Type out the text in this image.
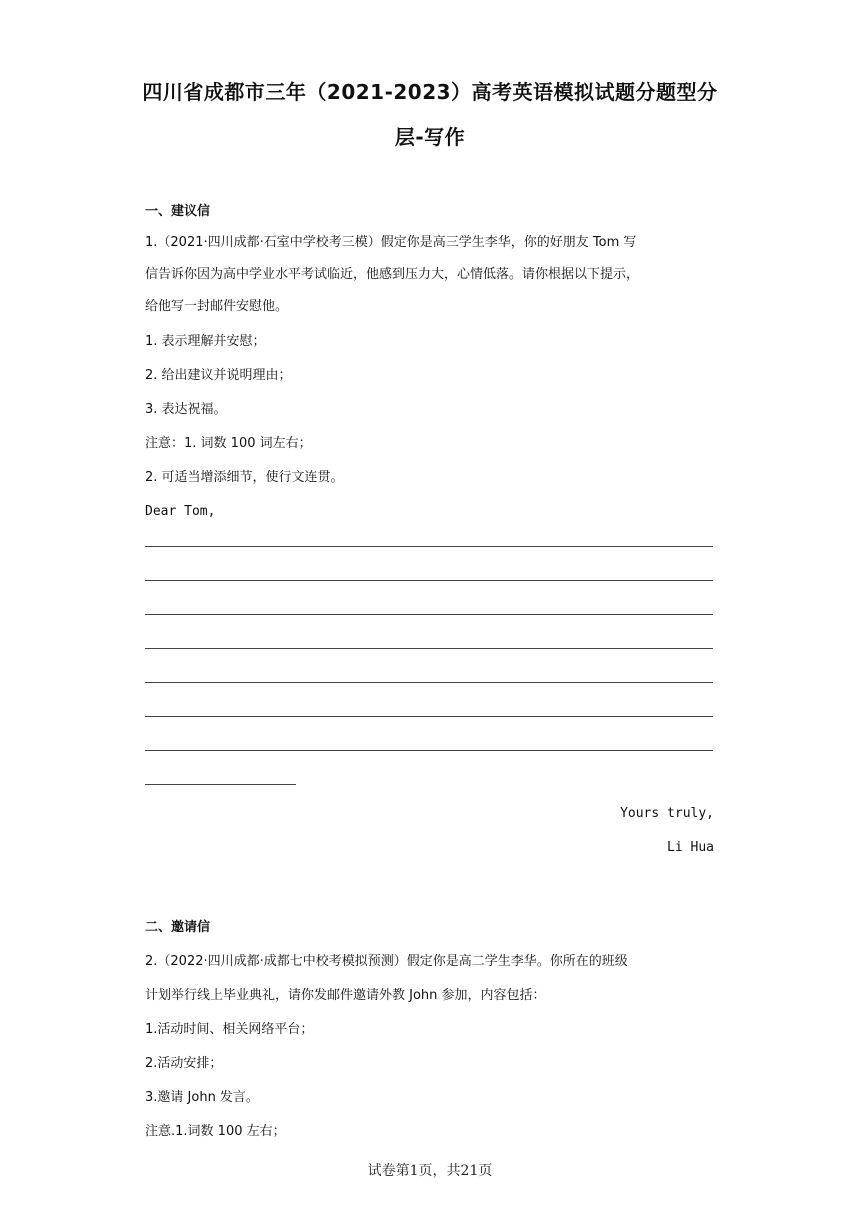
四川省成都市三年（2021-2023）高考英语模拟试题分题型分
层-写作
一、建议信
1.（2021·四川成都·石室中学校考三模）假定你是高三学生李华，你的好朋友 Tom 写
信告诉你因为高中学业水平考试临近，他感到压力大，心情低落。请你根据以下提示，
给他写一封邮件安慰他。
1. 表示理解并安慰；
2. 给出建议并说明理由；
3. 表达祝福。
注意：1. 词数 100 词左右；
2. 可适当增添细节，使行文连贯。
Dear Tom,
Yours truly,
Li Hua
二、邀请信
2.（2022·四川成都·成都七中校考模拟预测）假定你是高二学生李华。你所在的班级
计划举行线上毕业典礼，请你发邮件邀请外教 John 参加，内容包括：
1.活动时间、相关网络平台；
2.活动安排；
3.邀请 John 发言。
注意.1.词数 100 左右；
试卷第1页，共21页
